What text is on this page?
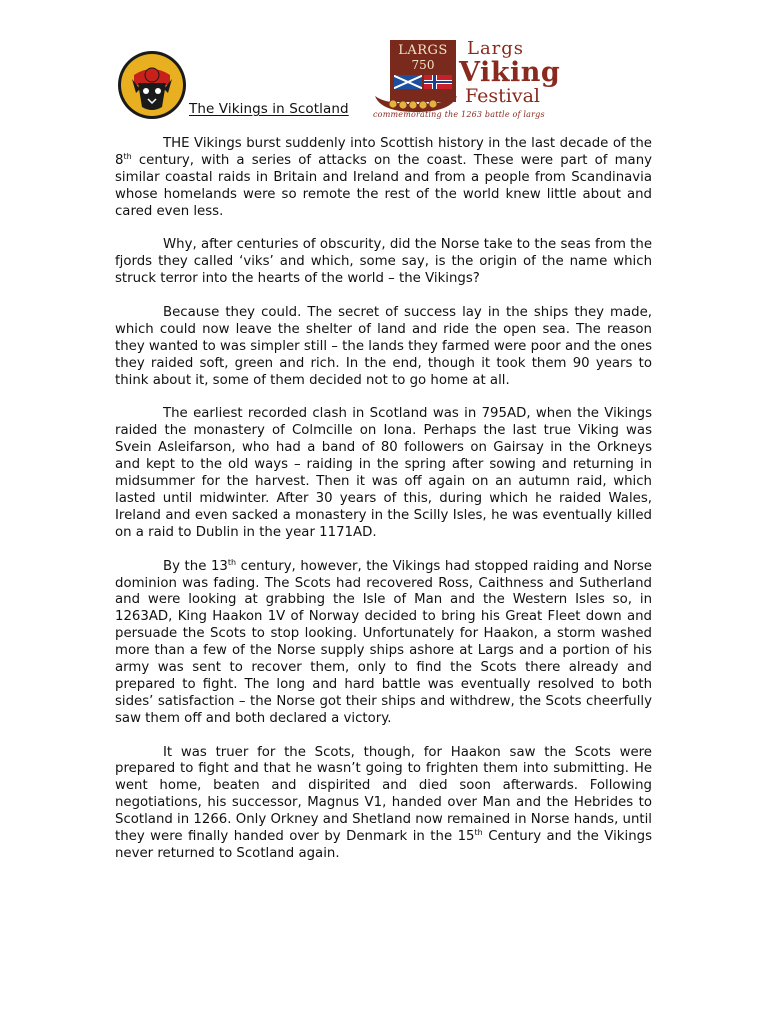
The Vikings in Scotland
LARGS
750
Largs
Viking
Festival
commemorating the 1263 battle of largs

THE Vikings burst suddenly into Scottish history in the last decade of the 8th century, with a series of attacks on the coast. These were part of many similar coastal raids in Britain and Ireland and from a people from Scandinavia whose homelands were so remote the rest of the world knew little about and cared even less.

Why, after centuries of obscurity, did the Norse take to the seas from the fjords they called ‘viks’ and which, some say, is the origin of the name which struck terror into the hearts of the world – the Vikings?

Because they could. The secret of success lay in the ships they made, which could now leave the shelter of land and ride the open sea. The reason they wanted to was simpler still – the lands they farmed were poor and the ones they raided soft, green and rich. In the end, though it took them 90 years to think about it, some of them decided not to go home at all.

The earliest recorded clash in Scotland was in 795AD, when the Vikings raided the monastery of Colmcille on Iona. Perhaps the last true Viking was Svein Asleifarson, who had a band of 80 followers on Gairsay in the Orkneys and kept to the old ways – raiding in the spring after sowing and returning in midsummer for the harvest. Then it was off again on an autumn raid, which lasted until midwinter. After 30 years of this, during which he raided Wales, Ireland and even sacked a monastery in the Scilly Isles, he was eventually killed on a raid to Dublin in the year 1171AD.

By the 13th century, however, the Vikings had stopped raiding and Norse dominion was fading. The Scots had recovered Ross, Caithness and Sutherland and were looking at grabbing the Isle of Man and the Western Isles so, in 1263AD, King Haakon 1V of Norway decided to bring his Great Fleet down and persuade the Scots to stop looking. Unfortunately for Haakon, a storm washed more than a few of the Norse supply ships ashore at Largs and a portion of his army was sent to recover them, only to find the Scots there already and prepared to fight. The long and hard battle was eventually resolved to both sides’ satisfaction – the Norse got their ships and withdrew, the Scots cheerfully saw them off and both declared a victory.

It was truer for the Scots, though, for Haakon saw the Scots were prepared to fight and that he wasn’t going to frighten them into submitting. He went home, beaten and dispirited and died soon afterwards. Following negotiations, his successor, Magnus V1, handed over Man and the Hebrides to Scotland in 1266. Only Orkney and Shetland now remained in Norse hands, until they were finally handed over by Denmark in the 15th Century and the Vikings never returned to Scotland again.
